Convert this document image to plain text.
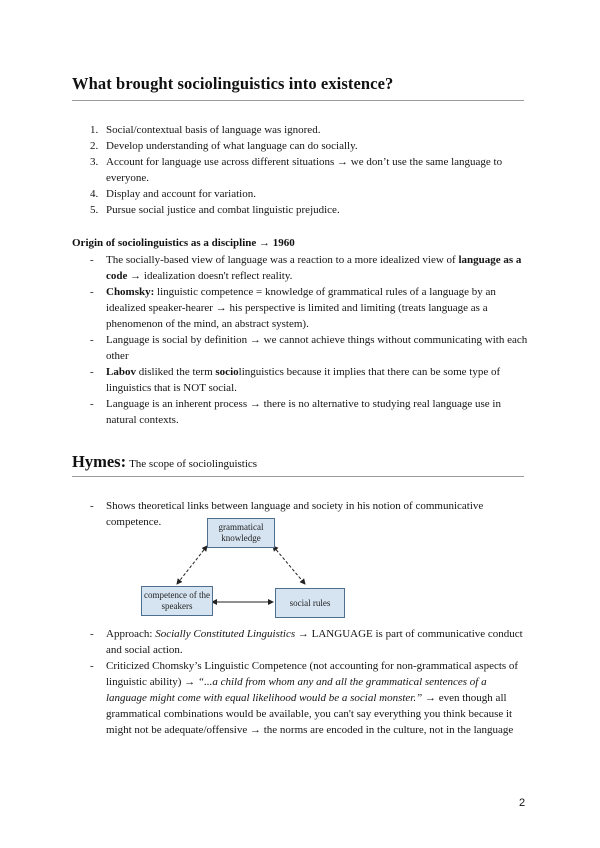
What brought sociolinguistics into existence?
1. Social/contextual basis of language was ignored.
2. Develop understanding of what language can do socially.
3. Account for language use across different situations → we don’t use the same language to everyone.
4. Display and account for variation.
5. Pursue social justice and combat linguistic prejudice.
Origin of sociolinguistics as a discipline → 1960
- The socially-based view of language was a reaction to a more idealized view of language as a code → idealization doesn't reflect reality.
- Chomsky: linguistic competence = knowledge of grammatical rules of a language by an idealized speaker-hearer → his perspective is limited and limiting (treats language as a phenomenon of the mind, an abstract system).
- Language is social by definition → we cannot achieve things without communicating with each other
- Labov disliked the term sociolinguistics because it implies that there can be some type of linguistics that is NOT social.
- Language is an inherent process → there is no alternative to studying real language use in natural contexts.
Hymes: The scope of sociolinguistics
- Shows theoretical links between language and society in his notion of communicative competence.	grammatical knowledge
competence of the speakers	social rules
- Approach: Socially Constituted Linguistics → LANGUAGE is part of communicative conduct and social action.
- Criticized Chomsky’s Linguistic Competence (not accounting for non-grammatical aspects of linguistic ability) → “...a child from whom any and all the grammatical sentences of a language might come with equal likelihood would be a social monster.” → even though all grammatical combinations would be available, you can't say everything you think because it might not be adequate/offensive → the norms are encoded in the culture, not in the language
2
